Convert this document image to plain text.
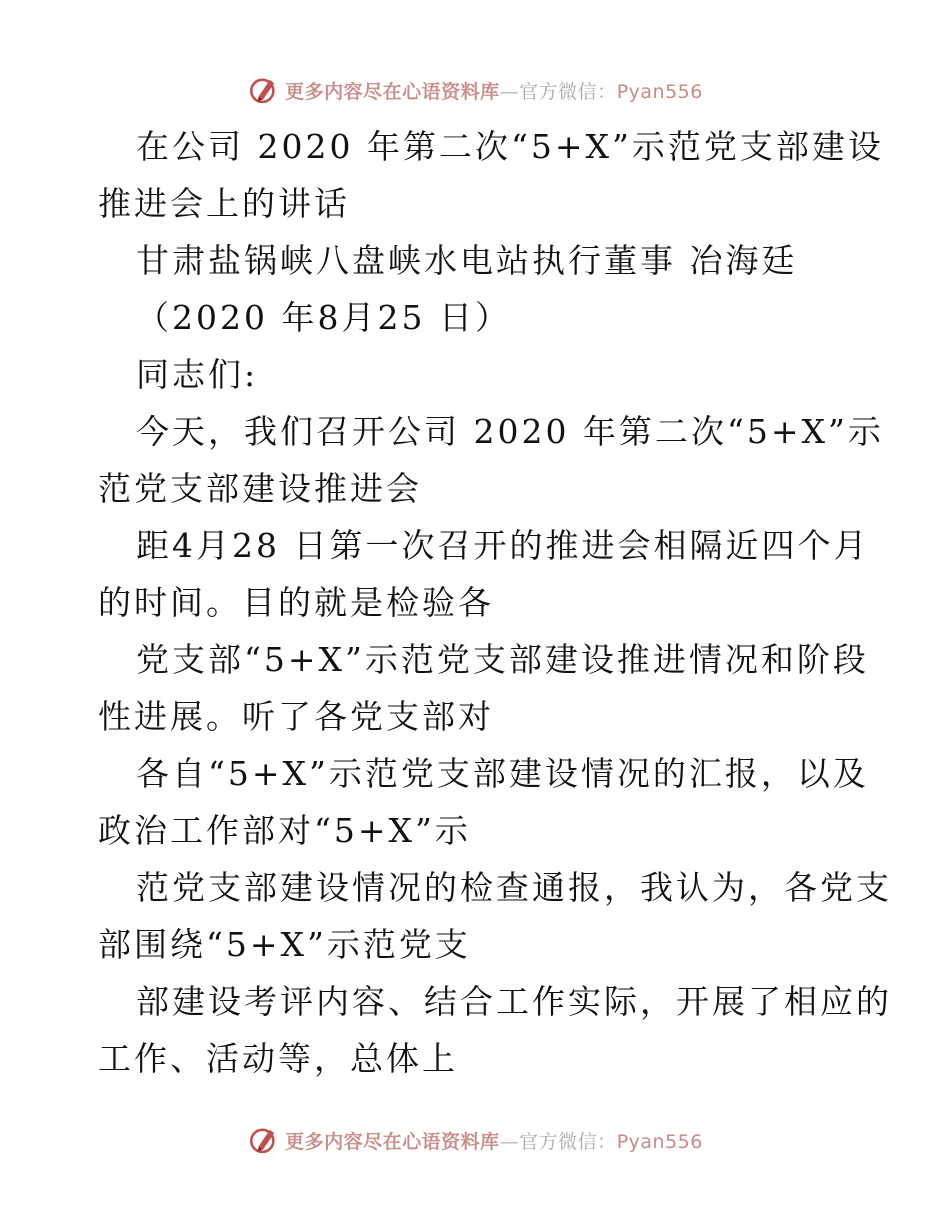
更多内容尽在心语资料库—官方微信：Pyan556
在公司 2020 年第二次“5+X”示范党支部建设
推进会上的讲话
甘肃盐锅峡八盘峡水电站执行董事 冶海廷
（2020 年8月25 日）
同志们:
今天，我们召开公司 2020 年第二次“5+X”示
范党支部建设推进会
距4月28 日第一次召开的推进会相隔近四个月
的时间。目的就是检验各
党支部“5+X”示范党支部建设推进情况和阶段
性进展。听了各党支部对
各自“5+X”示范党支部建设情况的汇报，以及
政治工作部对“5+X”示
范党支部建设情况的检查通报，我认为，各党支
部围绕“5+X”示范党支
部建设考评内容、结合工作实际，开展了相应的
工作、活动等，总体上
更多内容尽在心语资料库—官方微信：Pyan556
